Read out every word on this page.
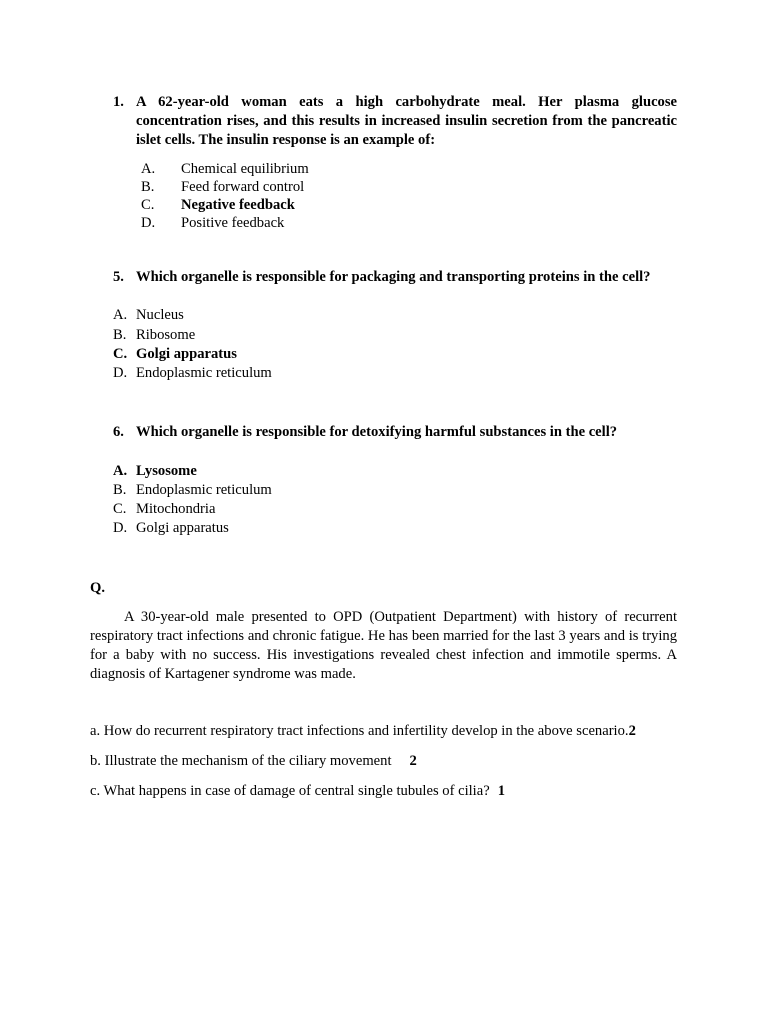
1. A 62-year-old woman eats a high carbohydrate meal. Her plasma glucose concentration rises, and this results in increased insulin secretion from the pancreatic islet cells. The insulin response is an example of:
A. Chemical equilibrium
B. Feed forward control
C. Negative feedback
D. Positive feedback
5. Which organelle is responsible for packaging and transporting proteins in the cell?
A. Nucleus
B. Ribosome
C. Golgi apparatus
D. Endoplasmic reticulum
6. Which organelle is responsible for detoxifying harmful substances in the cell?
A. Lysosome
B. Endoplasmic reticulum
C. Mitochondria
D. Golgi apparatus
Q.
A 30-year-old male presented to OPD (Outpatient Department) with history of recurrent respiratory tract infections and chronic fatigue. He has been married for the last 3 years and is trying for a baby with no success. His investigations revealed chest infection and immotile sperms. A diagnosis of Kartagener syndrome was made.
a. How do recurrent respiratory tract infections and infertility develop in the above scenario.2
b. Illustrate the mechanism of the ciliary movement 2
c. What happens in case of damage of central single tubules of cilia? 1
